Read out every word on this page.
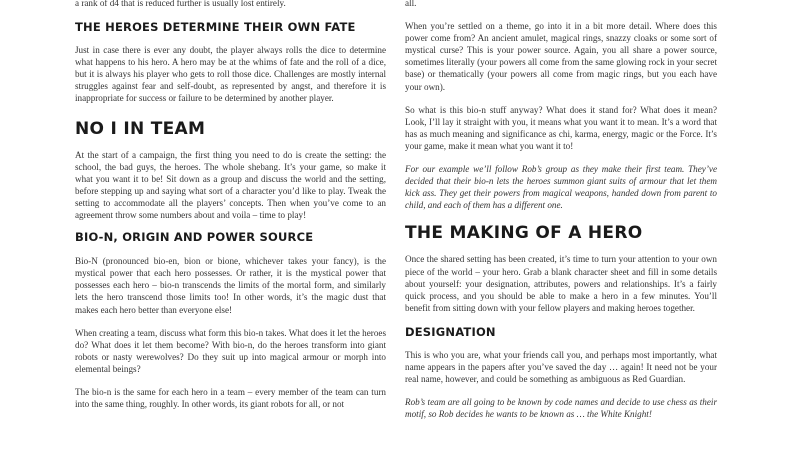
a rank of d4 that is reduced further is usually lost entirely.

THE HEROES DETERMINE THEIR OWN FATE

Just in case there is ever any doubt, the player always rolls the dice to determine what happens to his hero. A hero may be at the whims of fate and the roll of a dice, but it is always his player who gets to roll those dice. Challenges are mostly internal struggles against fear and self-doubt, as represented by angst, and therefore it is inappropriate for success or failure to be determined by another player.

NO I IN TEAM

At the start of a campaign, the first thing you need to do is create the setting: the school, the bad guys, the heroes. The whole shebang. It’s your game, so make it what you want it to be! Sit down as a group and discuss the world and the setting, before stepping up and saying what sort of a character you’d like to play. Tweak the setting to accommodate all the players’ concepts. Then when you’ve come to an agreement throw some numbers about and voila – time to play!

BIO-N, ORIGIN AND POWER SOURCE

Bio-N (pronounced bio-en, bion or bione, whichever takes your fancy), is the mystical power that each hero possesses. Or rather, it is the mystical power that possesses each hero – bio-n transcends the limits of the mortal form, and similarly lets the hero transcend those limits too! In other words, it’s the magic dust that makes each hero better than everyone else!

When creating a team, discuss what form this bio-n takes. What does it let the heroes do? What does it let them become? With bio-n, do the heroes transform into giant robots or nasty werewolves? Do they suit up into magical armour or morph into elemental beings?

The bio-n is the same for each hero in a team – every member of the team can turn into the same thing, roughly. In other words, its giant robots for all, or not

all.

When you’re settled on a theme, go into it in a bit more detail. Where does this power come from? An ancient amulet, magical rings, snazzy cloaks or some sort of mystical curse? This is your power source. Again, you all share a power source, sometimes literally (your powers all come from the same glowing rock in your secret base) or thematically (your powers all come from magic rings, but you each have your own).

So what is this bio-n stuff anyway? What does it stand for? What does it mean? Look, I’ll lay it straight with you, it means what you want it to mean. It’s a word that has as much meaning and significance as chi, karma, energy, magic or the Force. It’s your game, make it mean what you want it to!

For our example we’ll follow Rob’s group as they make their first team. They’ve decided that their bio-n lets the heroes summon giant suits of armour that let them kick ass. They get their powers from magical weapons, handed down from parent to child, and each of them has a different one.

THE MAKING OF A HERO

Once the shared setting has been created, it’s time to turn your attention to your own piece of the world – your hero. Grab a blank character sheet and fill in some details about yourself: your designation, attributes, powers and relationships. It’s a fairly quick process, and you should be able to make a hero in a few minutes. You’ll benefit from sitting down with your fellow players and making heroes together.

DESIGNATION

This is who you are, what your friends call you, and perhaps most importantly, what name appears in the papers after you’ve saved the day … again! It need not be your real name, however, and could be something as ambiguous as Red Guardian.

Rob’s team are all going to be known by code names and decide to use chess as their motif, so Rob decides he wants to be known as … the White Knight!
